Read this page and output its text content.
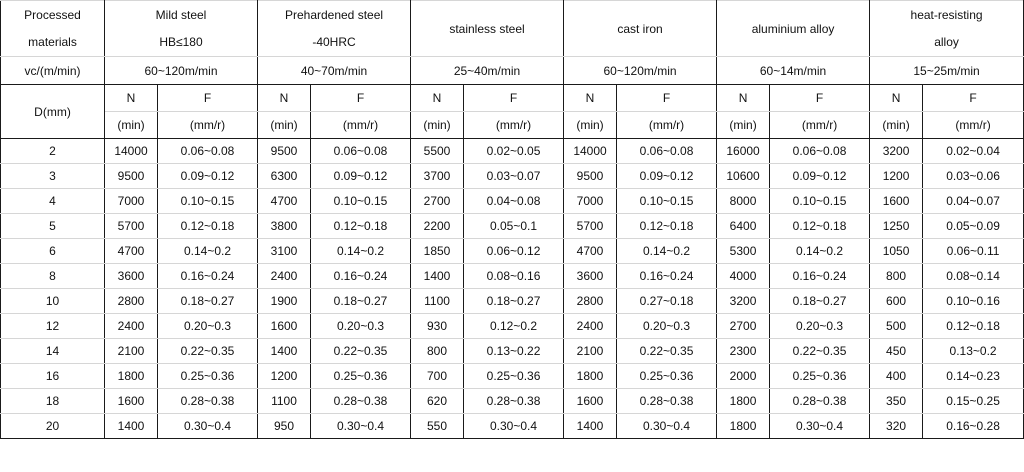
Processed	Mild steel		Prehardened steel		stainless steel		cast iron		aluminium alloy		heat-resisting	
materials	HB≤180		-40HRC								alloy	
vc/(m/min)	60~120m/min		40~70m/min		25~40m/min		60~120m/min		60~14m/min		15~25m/min	
D(mm)	N	F	N	F	N	F	N	F	N	F	N	F
	(min)	(mm/r)	(min)	(mm/r)	(min)	(mm/r)	(min)	(mm/r)	(min)	(mm/r)	(min)	(mm/r)
2	14000	0.06~0.08	9500	0.06~0.08	5500	0.02~0.05	14000	0.06~0.08	16000	0.06~0.08	3200	0.02~0.04
3	9500	0.09~0.12	6300	0.09~0.12	3700	0.03~0.07	9500	0.09~0.12	10600	0.09~0.12	1200	0.03~0.06
4	7000	0.10~0.15	4700	0.10~0.15	2700	0.04~0.08	7000	0.10~0.15	8000	0.10~0.15	1600	0.04~0.07
5	5700	0.12~0.18	3800	0.12~0.18	2200	0.05~0.1	5700	0.12~0.18	6400	0.12~0.18	1250	0.05~0.09
6	4700	0.14~0.2	3100	0.14~0.2	1850	0.06~0.12	4700	0.14~0.2	5300	0.14~0.2	1050	0.06~0.11
8	3600	0.16~0.24	2400	0.16~0.24	1400	0.08~0.16	3600	0.16~0.24	4000	0.16~0.24	800	0.08~0.14
10	2800	0.18~0.27	1900	0.18~0.27	1100	0.18~0.27	2800	0.27~0.18	3200	0.18~0.27	600	0.10~0.16
12	2400	0.20~0.3	1600	0.20~0.3	930	0.12~0.2	2400	0.20~0.3	2700	0.20~0.3	500	0.12~0.18
14	2100	0.22~0.35	1400	0.22~0.35	800	0.13~0.22	2100	0.22~0.35	2300	0.22~0.35	450	0.13~0.2
16	1800	0.25~0.36	1200	0.25~0.36	700	0.25~0.36	1800	0.25~0.36	2000	0.25~0.36	400	0.14~0.23
18	1600	0.28~0.38	1100	0.28~0.38	620	0.28~0.38	1600	0.28~0.38	1800	0.28~0.38	350	0.15~0.25
20	1400	0.30~0.4	950	0.30~0.4	550	0.30~0.4	1400	0.30~0.4	1800	0.30~0.4	320	0.16~0.28
